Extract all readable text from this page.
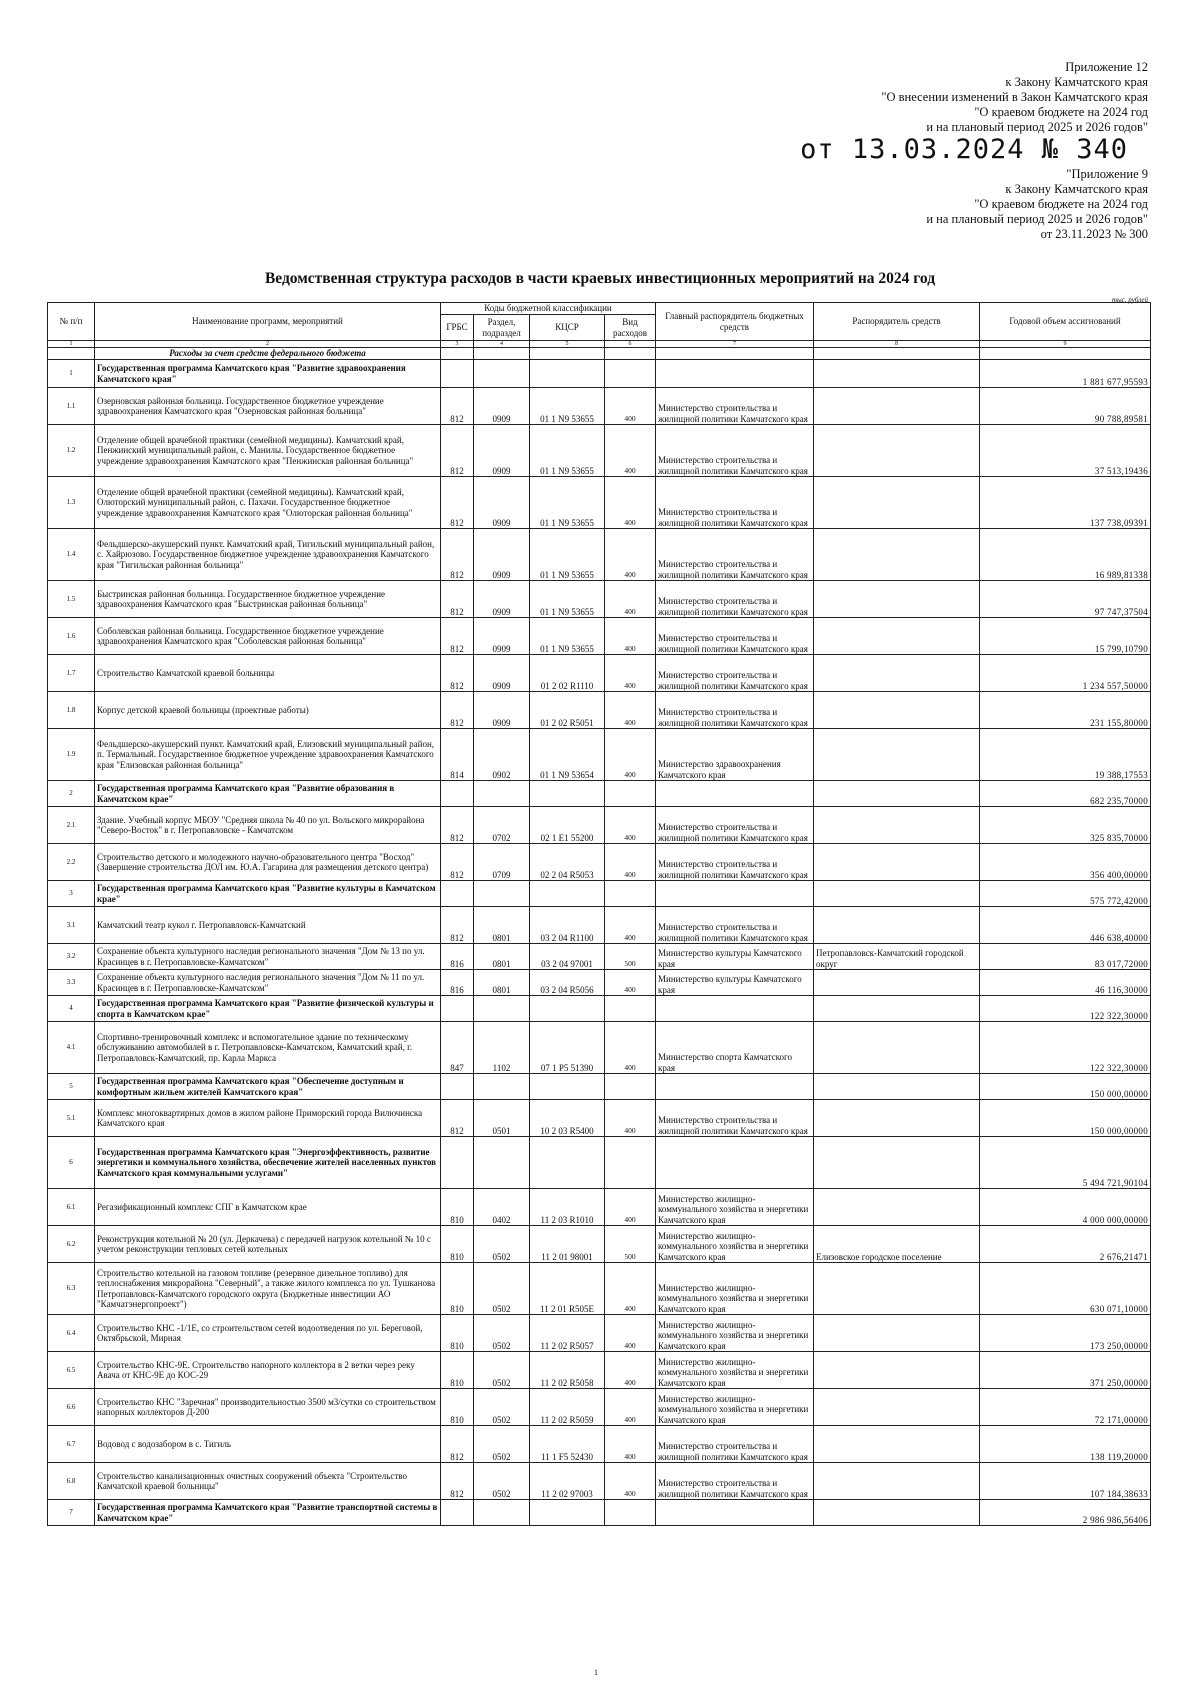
Приложение 12
к Закону Камчатского края
"О внесении изменений в Закон Камчатского края
"О краевом бюджете на 2024 год
и на плановый период 2025 и 2026 годов"
от 13.03.2024 № 340
"Приложение 9
к Закону Камчатского края
"О краевом бюджете на 2024 год
и на плановый период 2025 и 2026 годов"
от 23.11.2023 № 300
Ведомственная структура расходов в части краевых инвестиционных мероприятий на 2024 год
тыс. рублей
№ п/п	Наименование программ, мероприятий	Коды бюджетной классификации				Главный распорядитель бюджетных средств	Распорядитель средств	Годовой объем ассигнований
		ГРБС	Раздел, подраздел	КЦСР	Вид расходов			
1	2	3	4	5	6	7	8	9
	Расходы за счет средств федерального бюджета							
1	Государственная программа Камчатского края "Развитие здравоохранения Камчатского края"							1 881 677,95593
1.1	Озерновская районная больница. Государственное бюджетное учреждение здравоохранения Камчатского края "Озерновская районная больница"	812	0909	01 1 N9 53655	400	Министерство строительства и жилищной политики Камчатского края		90 788,89581
1.2	Отделение общей врачебной практики (семейной медицины). Камчатский край, Пенжинский муниципальный район, с. Манилы. Государственное бюджетное учреждение здравоохранения Камчатского края "Пенжинская районная больница"	812	0909	01 1 N9 53655	400	Министерство строительства и жилищной политики Камчатского края		37 513,19436
1.3	Отделение общей врачебной практики (семейной медицины). Камчатский край, Олюторский муниципальный район, с. Пахачи. Государственное бюджетное учреждение здравоохранения Камчатского края "Олюторская районная больница"	812	0909	01 1 N9 53655	400	Министерство строительства и жилищной политики Камчатского края		137 738,09391
1.4	Фельдшерско-акушерский пункт. Камчатский край, Тигильский муниципальный район, с. Хайрюзово. Государственное бюджетное учреждение здравоохранения Камчатского края "Тигильская районная больница"	812	0909	01 1 N9 53655	400	Министерство строительства и жилищной политики Камчатского края		16 989,81338
1.5	Быстринская районная больница. Государственное бюджетное учреждение здравоохранения Камчатского края "Быстринская районная больница"	812	0909	01 1 N9 53655	400	Министерство строительства и жилищной политики Камчатского края		97 747,37504
1.6	Соболевская районная больница. Государственное бюджетное учреждение здравоохранения Камчатского края "Соболевская районная больница"	812	0909	01 1 N9 53655	400	Министерство строительства и жилищной политики Камчатского края		15 799,10790
1.7	Строительство Камчатской краевой больницы	812	0909	01 2 02 R1110	400	Министерство строительства и жилищной политики Камчатского края		1 234 557,50000
1.8	Корпус детской краевой больницы (проектные работы)	812	0909	01 2 02 R5051	400	Министерство строительства и жилищной политики Камчатского края		231 155,80000
1.9	Фельдшерско-акушерский пункт. Камчатский край, Елизовский муниципальный район, п. Термальный. Государственное бюджетное учреждение здравоохранения Камчатского края "Елизовская районная больница"	814	0902	01 1 N9 53654	400	Министерство здравоохранения Камчатского края		19 388,17553
2	Государственная программа Камчатского края "Развитие образования в Камчатском крае"							682 235,70000
2.1	Здание. Учебный корпус МБОУ "Средняя школа № 40 по ул. Вольского микрорайона "Северо-Восток" в г. Петропавловске - Камчатском	812	0702	02 1 E1 55200	400	Министерство строительства и жилищной политики Камчатского края		325 835,70000
2.2	Строительство детского и молодежного научно-образовательного центра "Восход" (Завершение строительства ДОЛ им. Ю.А. Гагарина для размещения детского центра)	812	0709	02 2 04 R5053	400	Министерство строительства и жилищной политики Камчатского края		356 400,00000
3	Государственная программа Камчатского края "Развитие культуры в Камчатском крае"							575 772,42000
3.1	Камчатский театр кукол г. Петропавловск-Камчатский	812	0801	03 2 04 R1100	400	Министерство строительства и жилищной политики Камчатского края		446 638,40000
3.2	Сохранение объекта культурного наследия регионального значения "Дом № 13 по ул. Красинцев в г. Петропавловске-Камчатском"	816	0801	03 2 04 97001	500	Министерство культуры Камчатского края	Петропавловск-Камчатский городской округ	83 017,72000
3.3	Сохранение объекта культурного наследия регионального значения "Дом № 11 по ул. Красинцев в г. Петропавловске-Камчатском"	816	0801	03 2 04 R5056	400	Министерство культуры Камчатского края		46 116,30000
4	Государственная программа Камчатского края "Развитие физической культуры и спорта в Камчатском крае"							122 322,30000
4.1	Спортивно-тренировочный комплекс и вспомогательное здание по техническому обслуживанию автомобилей в г. Петропавловске-Камчатском, Камчатский край, г. Петропавловск-Камчатский, пр. Карла Маркса	847	1102	07 1 P5 51390	400	Министерство спорта Камчатского края		122 322,30000
5	Государственная программа Камчатского края "Обеспечение доступным и комфортным жильем жителей Камчатского края"							150 000,00000
5.1	Комплекс многоквартирных домов в жилом районе Приморский города Вилючинска Камчатского края	812	0501	10 2 03 R5400	400	Министерство строительства и жилищной политики Камчатского края		150 000,00000
6	Государственная программа Камчатского края "Энергоэффективность, развитие энергетики и коммунального хозяйства, обеспечение жителей населенных пунктов Камчатского края коммунальными услугами"							5 494 721,90104
6.1	Регазификационный комплекс СПГ в Камчатском крае	810	0402	11 2 03 R1010	400	Министерство жилищно-коммунального хозяйства и энергетики Камчатского края		4 000 000,00000
6.2	Реконструкция котельной № 20 (ул. Деркачева) с передачей нагрузок котельной № 10 с учетом реконструкции тепловых сетей котельных	810	0502	11 2 01 98001	500	Министерство жилищно-коммунального хозяйства и энергетики Камчатского края	Елизовское городское поселение	2 676,21471
6.3	Строительство котельной на газовом топливе (резервное дизельное топливо) для теплоснабжения микрорайона "Северный", а также жилого комплекса по ул. Тушканова Петропавловск-Камчатского городского округа (Бюджетные инвестиции АО "Камчатэнергопроект")	810	0502	11 2 01 R505E	400	Министерство жилищно-коммунального хозяйства и энергетики Камчатского края		630 071,10000
6.4	Строительство КНС -1/1Е, со строительством сетей водоотведения по ул. Береговой, Октябрьской, Мирная	810	0502	11 2 02 R5057	400	Министерство жилищно-коммунального хозяйства и энергетики Камчатского края		173 250,00000
6.5	Строительство КНС-9Е. Строительство напорного коллектора в 2 ветки через реку Авача от КНС-9Е до КОС-29	810	0502	11 2 02 R5058	400	Министерство жилищно-коммунального хозяйства и энергетики Камчатского края		371 250,00000
6.6	Строительство КНС "Заречная" производительностью 3500 м3/сутки со строительством напорных коллекторов Д-200	810	0502	11 2 02 R5059	400	Министерство жилищно-коммунального хозяйства и энергетики Камчатского края		72 171,00000
6.7	Водовод с водозабором в с. Тигиль	812	0502	11 1 F5 52430	400	Министерство строительства и жилищной политики Камчатского края		138 119,20000
6.8	Строительство канализационных очистных сооружений объекта "Строительство Камчатской краевой больницы"	812	0502	11 2 02 97003	400	Министерство строительства и жилищной политики Камчатского края		107 184,38633
7	Государственная программа Камчатского края "Развитие транспортной системы в Камчатском крае"							2 986 986,56406
1
